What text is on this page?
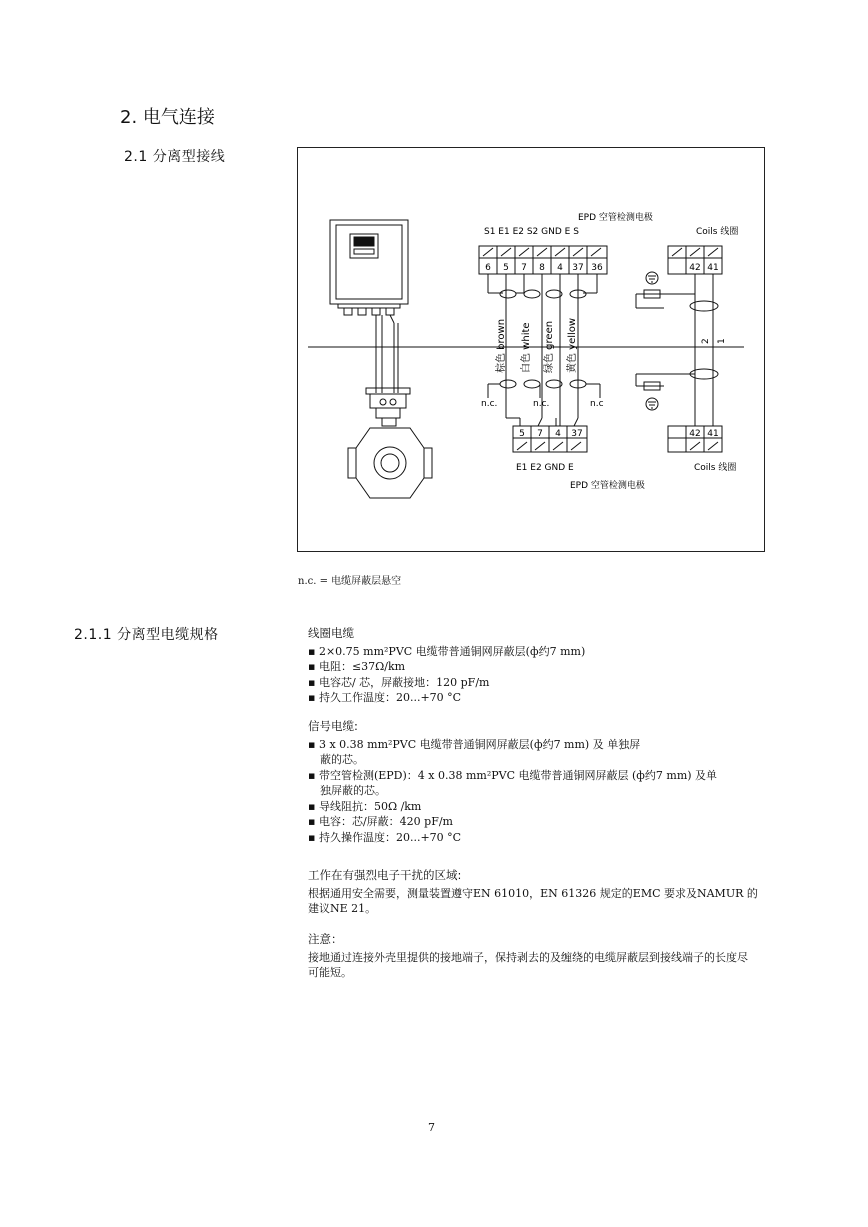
2. 电气连接
2.1 分离型接线
EPD 空管检测电极
S1 E1 E2 S2 GND E S	Coils 线圈
6 5 7 8 4 37 36	42 41
2 1
棕色 brown 白色 white 绿色 green 黄色 yellow
n.c.	n.c.	n.c
5 7 4 37	42 41
E1 E2 GND E	Coils 线圈
EPD 空管检测电极
n.c. = 电缆屏蔽层悬空
2.1.1 分离型电缆规格	线圈电缆
▪ 2×0.75 mm²PVC 电缆带普通铜网屏蔽层(ф约7 mm)
▪ 电阻：≤37Ω/km
▪ 电容芯/ 芯，屏蔽接地：120 pF/m
▪ 持久工作温度：20...+70 °C
信号电缆:
▪ 3 x 0.38 mm²PVC 电缆带普通铜网屏蔽层(ф约7 mm) 及 单独屏蔽的芯。
▪ 带空管检测(EPD)：4 x 0.38 mm²PVC 电缆带普通铜网屏蔽层 (ф约7 mm) 及单独屏蔽的芯。
▪ 导线阻抗：50Ω /km
▪ 电容：芯/屏蔽：420 pF/m
▪ 持久操作温度：20...+70 °C
工作在有强烈电子干扰的区域:
根据通用安全需要，测量装置遵守EN 61010，EN 61326 规定的EMC 要求及NAMUR 的建议NE 21。
注意：
接地通过连接外壳里提供的接地端子，保持剥去的及缠绕的电缆屏蔽层到接线端子的长度尽可能短。
7
